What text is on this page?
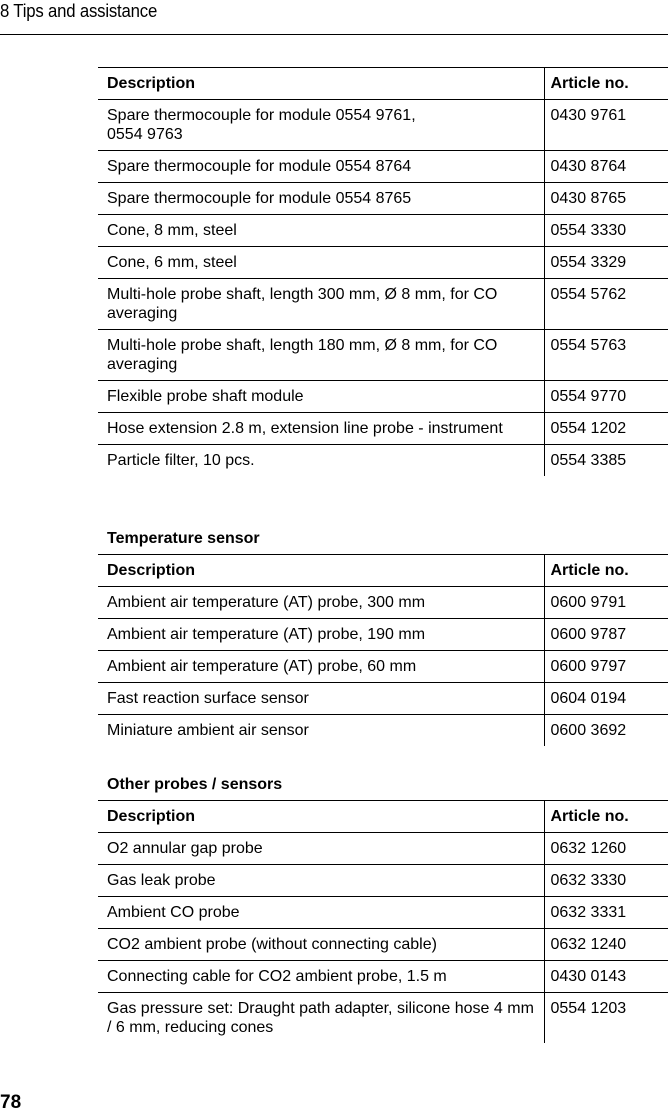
8 Tips and assistance
Description	Article no.
Spare thermocouple for module 0554 9761,
0554 9763	0430 9761
Spare thermocouple for module 0554 8764	0430 8764
Spare thermocouple for module 0554 8765	0430 8765
Cone, 8 mm, steel	0554 3330
Cone, 6 mm, steel	0554 3329
Multi-hole probe shaft, length 300 mm, Ø 8 mm, for CO averaging	0554 5762
Multi-hole probe shaft, length 180 mm, Ø 8 mm, for CO averaging	0554 5763
Flexible probe shaft module	0554 9770
Hose extension 2.8 m, extension line probe - instrument	0554 1202
Particle filter, 10 pcs.	0554 3385
Temperature sensor
Description	Article no.
Ambient air temperature (AT) probe, 300 mm	0600 9791
Ambient air temperature (AT) probe, 190 mm	0600 9787
Ambient air temperature (AT) probe, 60 mm	0600 9797
Fast reaction surface sensor	0604 0194
Miniature ambient air sensor	0600 3692
Other probes / sensors
Description	Article no.
O2 annular gap probe	0632 1260
Gas leak probe	0632 3330
Ambient CO probe	0632 3331
CO2 ambient probe (without connecting cable)	0632 1240
Connecting cable for CO2 ambient probe, 1.5 m	0430 0143
Gas pressure set: Draught path adapter, silicone hose 4 mm / 6 mm, reducing cones	0554 1203
78
